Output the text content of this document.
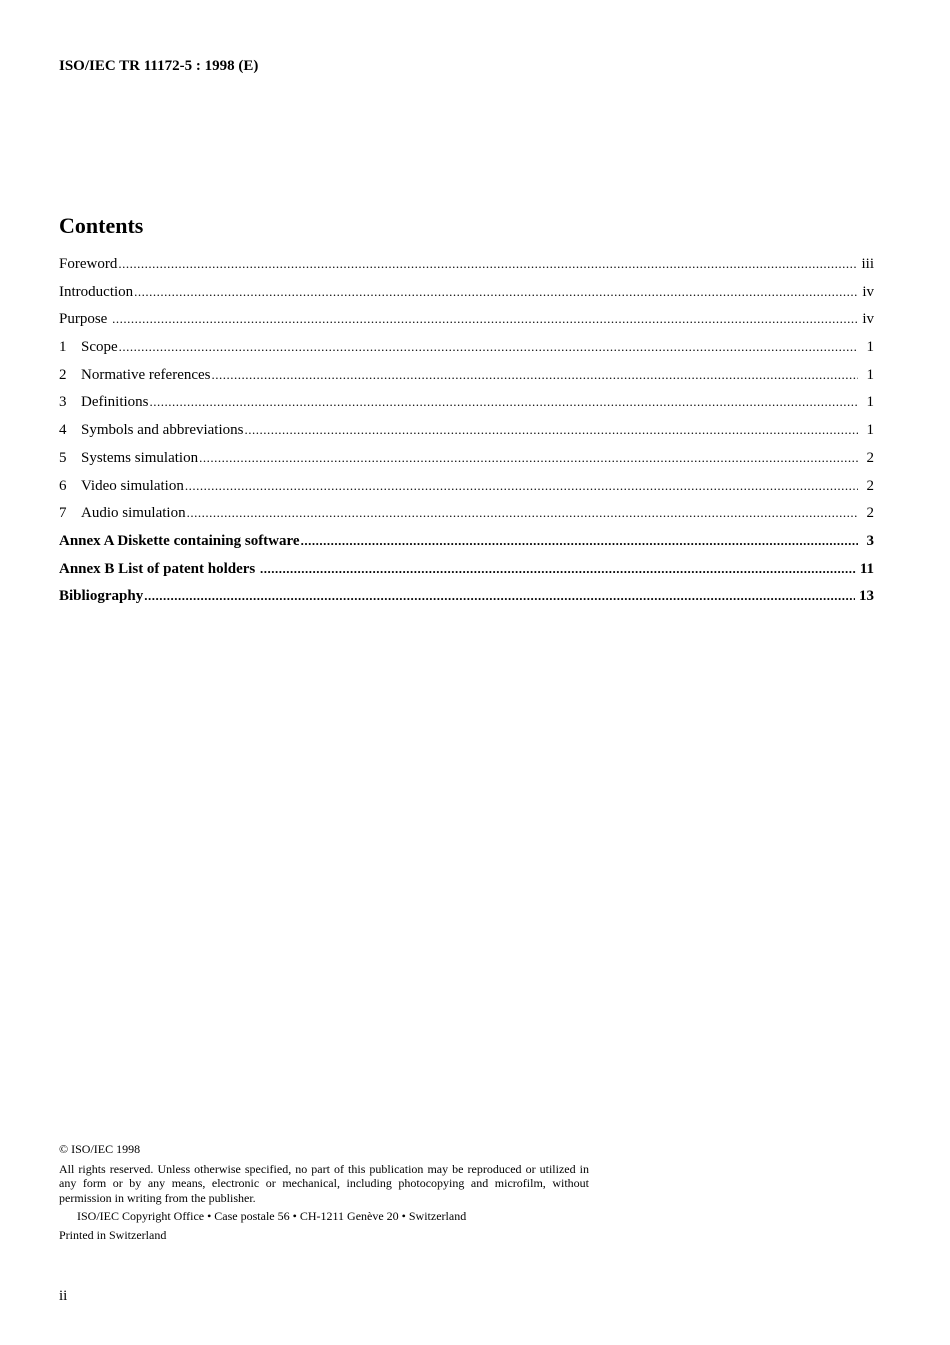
ISO/IEC TR 11172-5 : 1998 (E)
Contents
Foreword .....	iii
Introduction .....	iv
Purpose .....	iv
1 Scope .....	1
2 Normative references .....	1
3 Definitions .....	1
4 Symbols and abbreviations .....	1
5 Systems simulation .....	2
6 Video simulation .....	2
7 Audio simulation .....	2
Annex A Diskette containing software .....	3
Annex B List of patent holders .....	11
Bibliography .....	13
© ISO/IEC 1998
All rights reserved. Unless otherwise specified, no part of this publication may be reproduced or utilized in any form or by any means, electronic or mechanical, including photocopying and microfilm, without permission in writing from the publisher.
ISO/IEC Copyright Office • Case postale 56 • CH-1211 Genève 20 • Switzerland
Printed in Switzerland
ii
